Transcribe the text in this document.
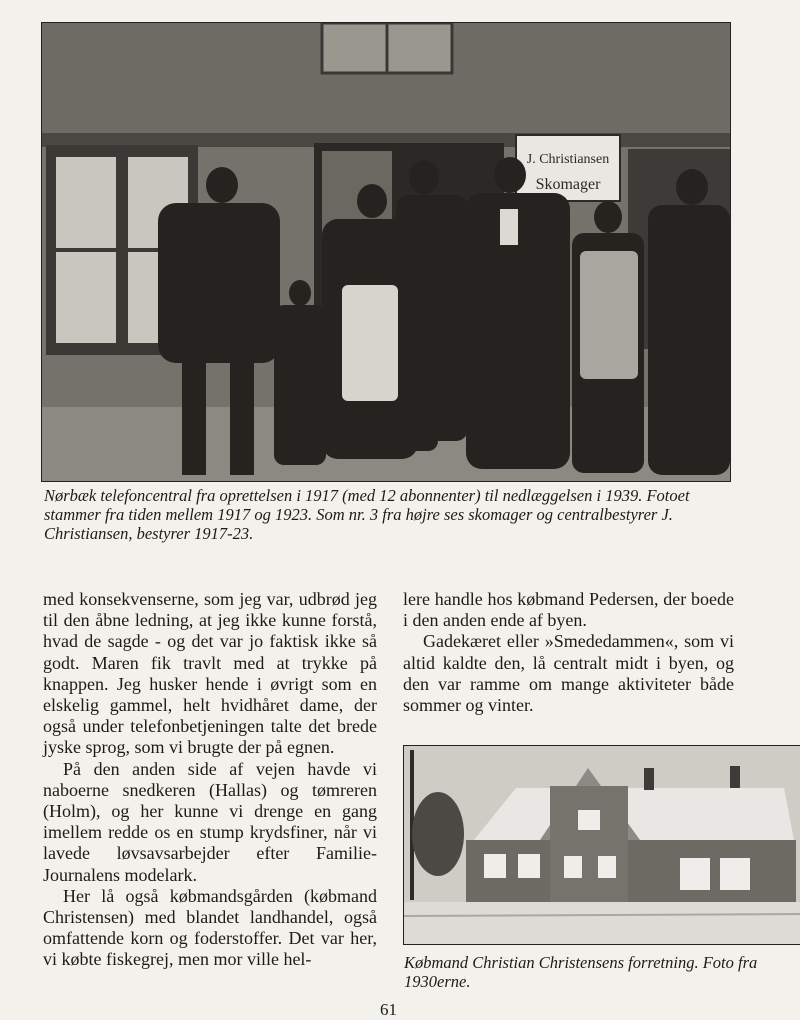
J. Christiansen
Skomager

Nørbæk telefoncentral fra oprettelsen i 1917 (med 12 abonnenter) til nedlæggelsen i 1939. Fotoet stammer fra tiden mellem 1917 og 1923. Som nr. 3 fra højre ses skomager og centralbestyrer J. Christiansen, bestyrer 1917-23.

med konsekvenserne, som jeg var, udbrød jeg til den åbne ledning, at jeg ikke kunne forstå, hvad de sagde - og det var jo faktisk ikke så godt. Maren fik travlt med at trykke på knappen. Jeg husker hende i øvrigt som en elskelig gammel, helt hvidhåret dame, der også under telefonbetjeningen talte det brede jyske sprog, som vi brugte der på egnen.

På den anden side af vejen havde vi naboerne snedkeren (Hallas) og tømreren (Holm), og her kunne vi drenge en gang imellem redde os en stump krydsfiner, når vi lavede løvsavsarbejder efter Familie-Journalens modelark.

Her lå også købmandsgården (købmand Christensen) med blandet landhandel, også omfattende korn og foderstoffer. Det var her, vi købte fiskegrej, men mor ville hel-

lere handle hos købmand Pedersen, der boede i den anden ende af byen.

Gadekæret eller »Smededammen«, som vi altid kaldte den, lå centralt midt i byen, og den var ramme om mange aktiviteter både sommer og vinter.

Købmand Christian Christensens forretning. Foto fra 1930erne.

61
